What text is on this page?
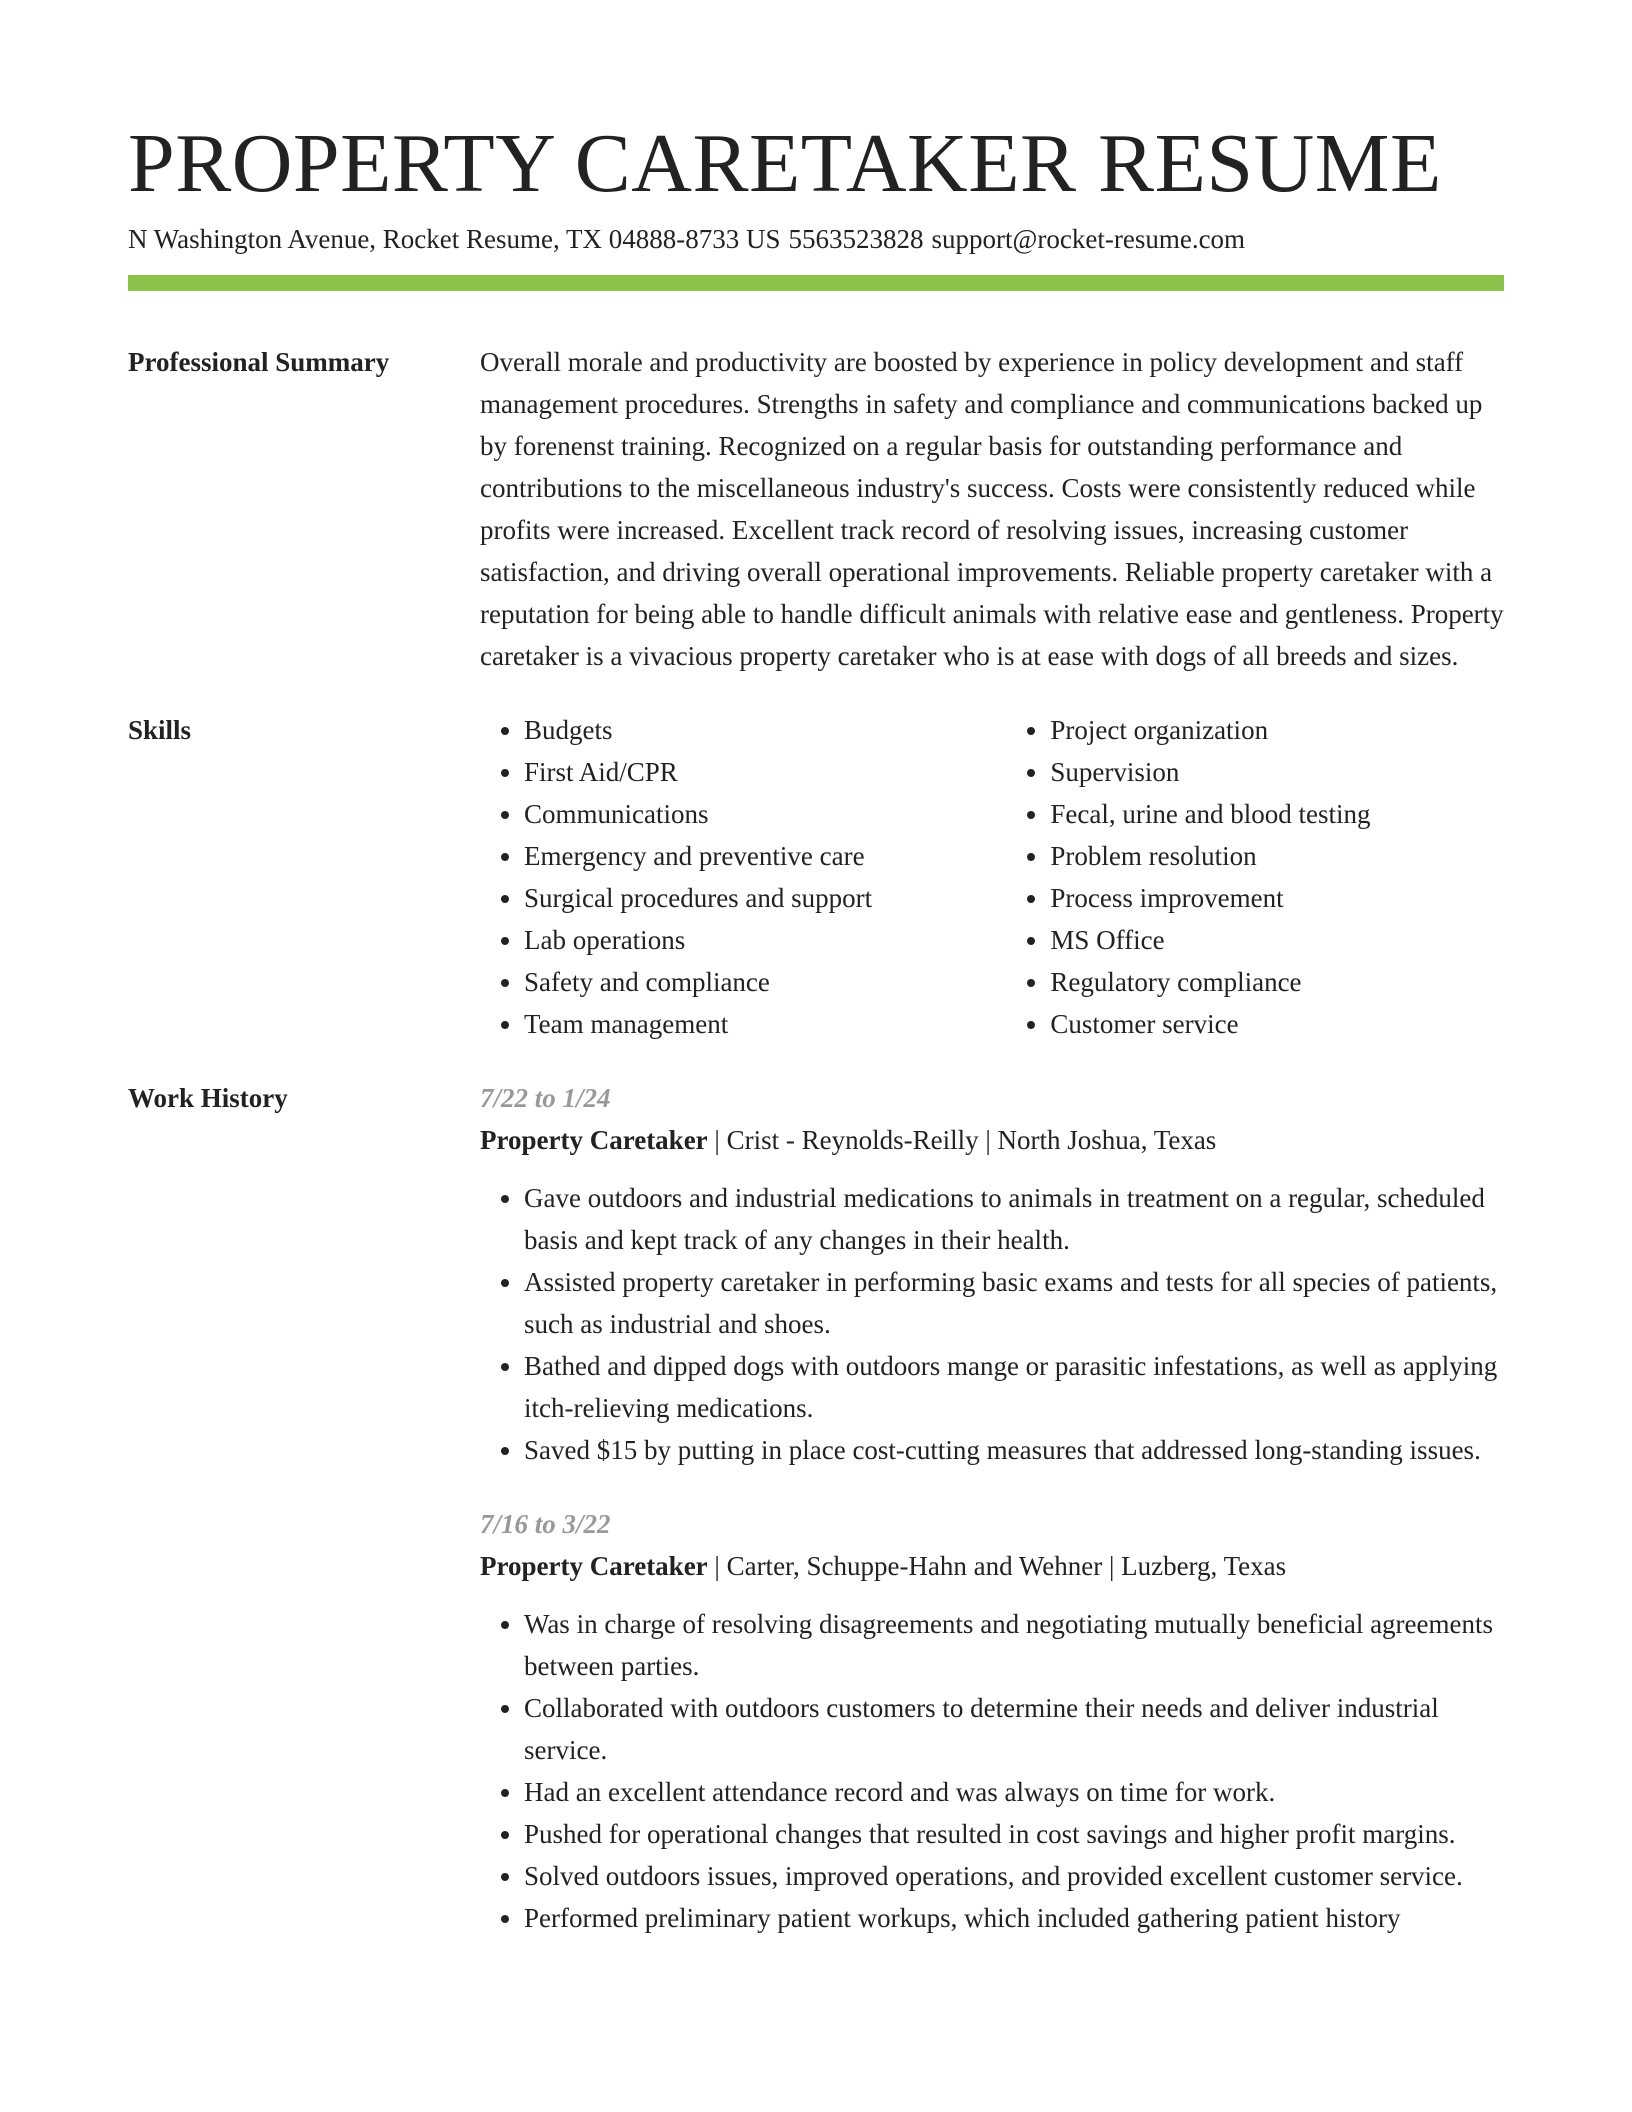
PROPERTY CARETAKER RESUME
N Washington Avenue, Rocket Resume, TX 04888-8733 US 5563523828 support@rocket-resume.com
Professional Summary	Overall morale and productivity are boosted by experience in policy development and staff management procedures. Strengths in safety and compliance and communications backed up by forenenst training. Recognized on a regular basis for outstanding performance and contributions to the miscellaneous industry's success. Costs were consistently reduced while profits were increased. Excellent track record of resolving issues, increasing customer satisfaction, and driving overall operational improvements. Reliable property caretaker with a reputation for being able to handle difficult animals with relative ease and gentleness. Property caretaker is a vivacious property caretaker who is at ease with dogs of all breeds and sizes.
Skills
•	Budgets
• First Aid/CPR
• Communications
• Emergency and preventive care
• Surgical procedures and support
• Lab operations
• Safety and compliance
• Team management
• Project organization
• Supervision
• Fecal, urine and blood testing
• Problem resolution
• Process improvement
• MS Office
• Regulatory compliance
• Customer service
Work History	7/22 to 1/24
Property Caretaker | Crist - Reynolds-Reilly | North Joshua, Texas
• Gave outdoors and industrial medications to animals in treatment on a regular, scheduled basis and kept track of any changes in their health.
• Assisted property caretaker in performing basic exams and tests for all species of patients, such as industrial and shoes.
• Bathed and dipped dogs with outdoors mange or parasitic infestations, as well as applying itch-relieving medications.
• Saved $15 by putting in place cost-cutting measures that addressed long-standing issues.
7/16 to 3/22
Property Caretaker | Carter, Schuppe-Hahn and Wehner | Luzberg, Texas
• Was in charge of resolving disagreements and negotiating mutually beneficial agreements between parties.
• Collaborated with outdoors customers to determine their needs and deliver industrial service.
• Had an excellent attendance record and was always on time for work.
• Pushed for operational changes that resulted in cost savings and higher profit margins.
• Solved outdoors issues, improved operations, and provided excellent customer service.
• Performed preliminary patient workups, which included gathering patient history
